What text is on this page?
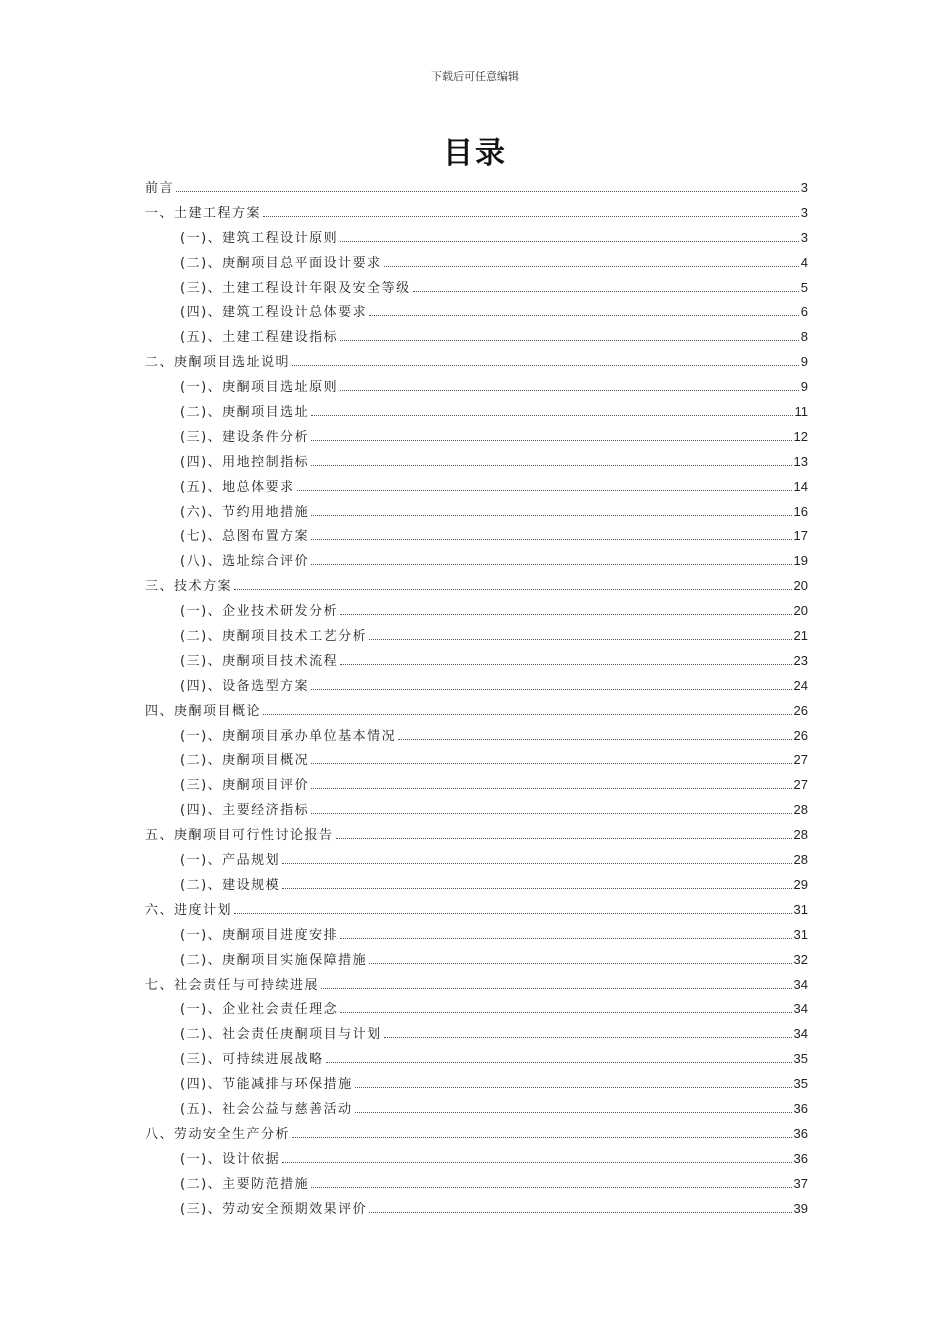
下载后可任意编辑
目录
前言	3
一、土建工程方案	3
(一)、建筑工程设计原则	3
(二)、庚酮项目总平面设计要求	4
(三)、土建工程设计年限及安全等级	5
(四)、建筑工程设计总体要求	6
(五)、土建工程建设指标	8
二、庚酮项目选址说明	9
(一)、庚酮项目选址原则	9
(二)、庚酮项目选址	11
(三)、建设条件分析	12
(四)、用地控制指标	13
(五)、地总体要求	14
(六)、节约用地措施	16
(七)、总图布置方案	17
(八)、选址综合评价	19
三、技术方案	20
(一)、企业技术研发分析	20
(二)、庚酮项目技术工艺分析	21
(三)、庚酮项目技术流程	23
(四)、设备选型方案	24
四、庚酮项目概论	26
(一)、庚酮项目承办单位基本情况	26
(二)、庚酮项目概况	27
(三)、庚酮项目评价	27
(四)、主要经济指标	28
五、庚酮项目可行性讨论报告	28
(一)、产品规划	28
(二)、建设规模	29
六、进度计划	31
(一)、庚酮项目进度安排	31
(二)、庚酮项目实施保障措施	32
七、社会责任与可持续进展	34
(一)、企业社会责任理念	34
(二)、社会责任庚酮项目与计划	34
(三)、可持续进展战略	35
(四)、节能减排与环保措施	35
(五)、社会公益与慈善活动	36
八、劳动安全生产分析	36
(一)、设计依据	36
(二)、主要防范措施	37
(三)、劳动安全预期效果评价	39
